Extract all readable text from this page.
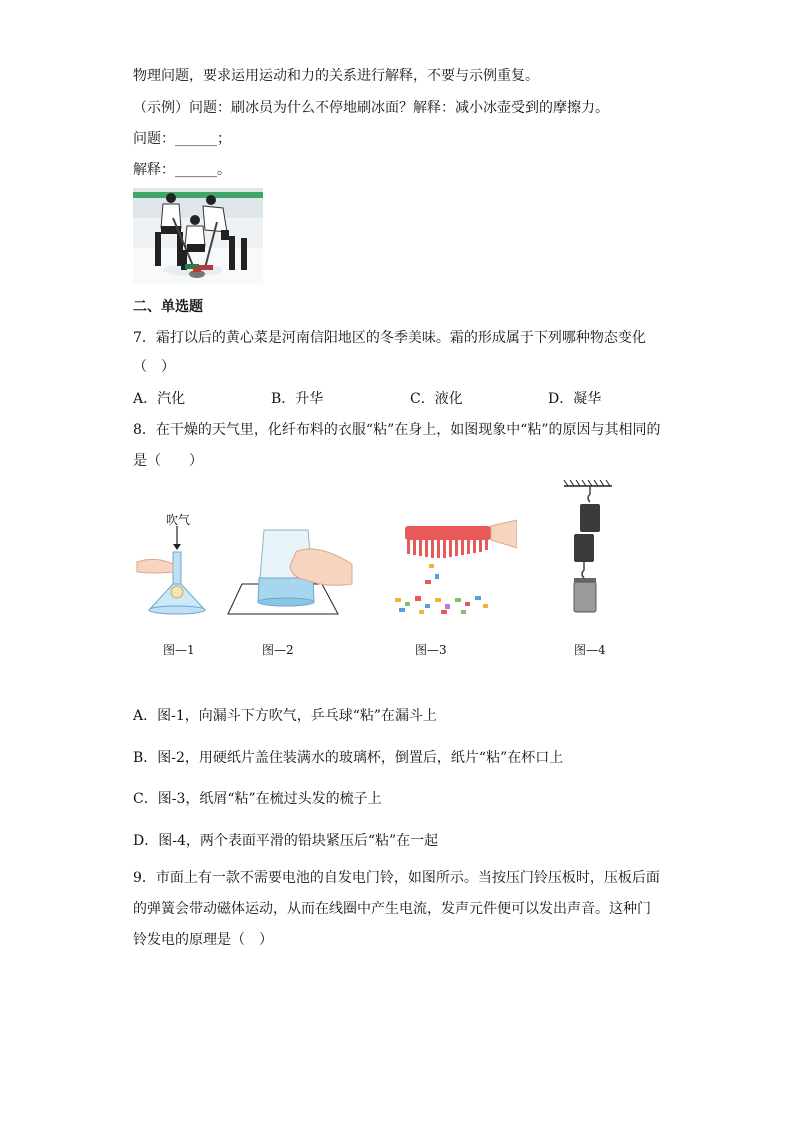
物理问题，要求运用运动和力的关系进行解释，不要与示例重复。
（示例）问题：刷冰员为什么不停地刷冰面？解释：减小冰壶受到的摩擦力。
问题：______；
解释：______。
二、单选题
7．霜打以后的黄心菜是河南信阳地区的冬季美味。霜的形成属于下列哪种物态变化
（　）
A．汽化	B．升华	C．液化	D．凝华
8．在干燥的天气里，化纤布料的衣服“粘”在身上，如图现象中“粘”的原因与其相同的
是（　　）
吹气
图—1	图—2	图—3	图—4
A．图-1，向漏斗下方吹气，乒乓球“粘”在漏斗上
B．图-2，用硬纸片盖住装满水的玻璃杯，倒置后，纸片“粘”在杯口上
C．图-3，纸屑“粘”在梳过头发的梳子上
D．图-4，两个表面平滑的铅块紧压后“粘”在一起
9．市面上有一款不需要电池的自发电门铃，如图所示。当按压门铃压板时，压板后面
的弹簧会带动磁体运动，从而在线圈中产生电流，发声元件便可以发出声音。这种门
铃发电的原理是（　）
